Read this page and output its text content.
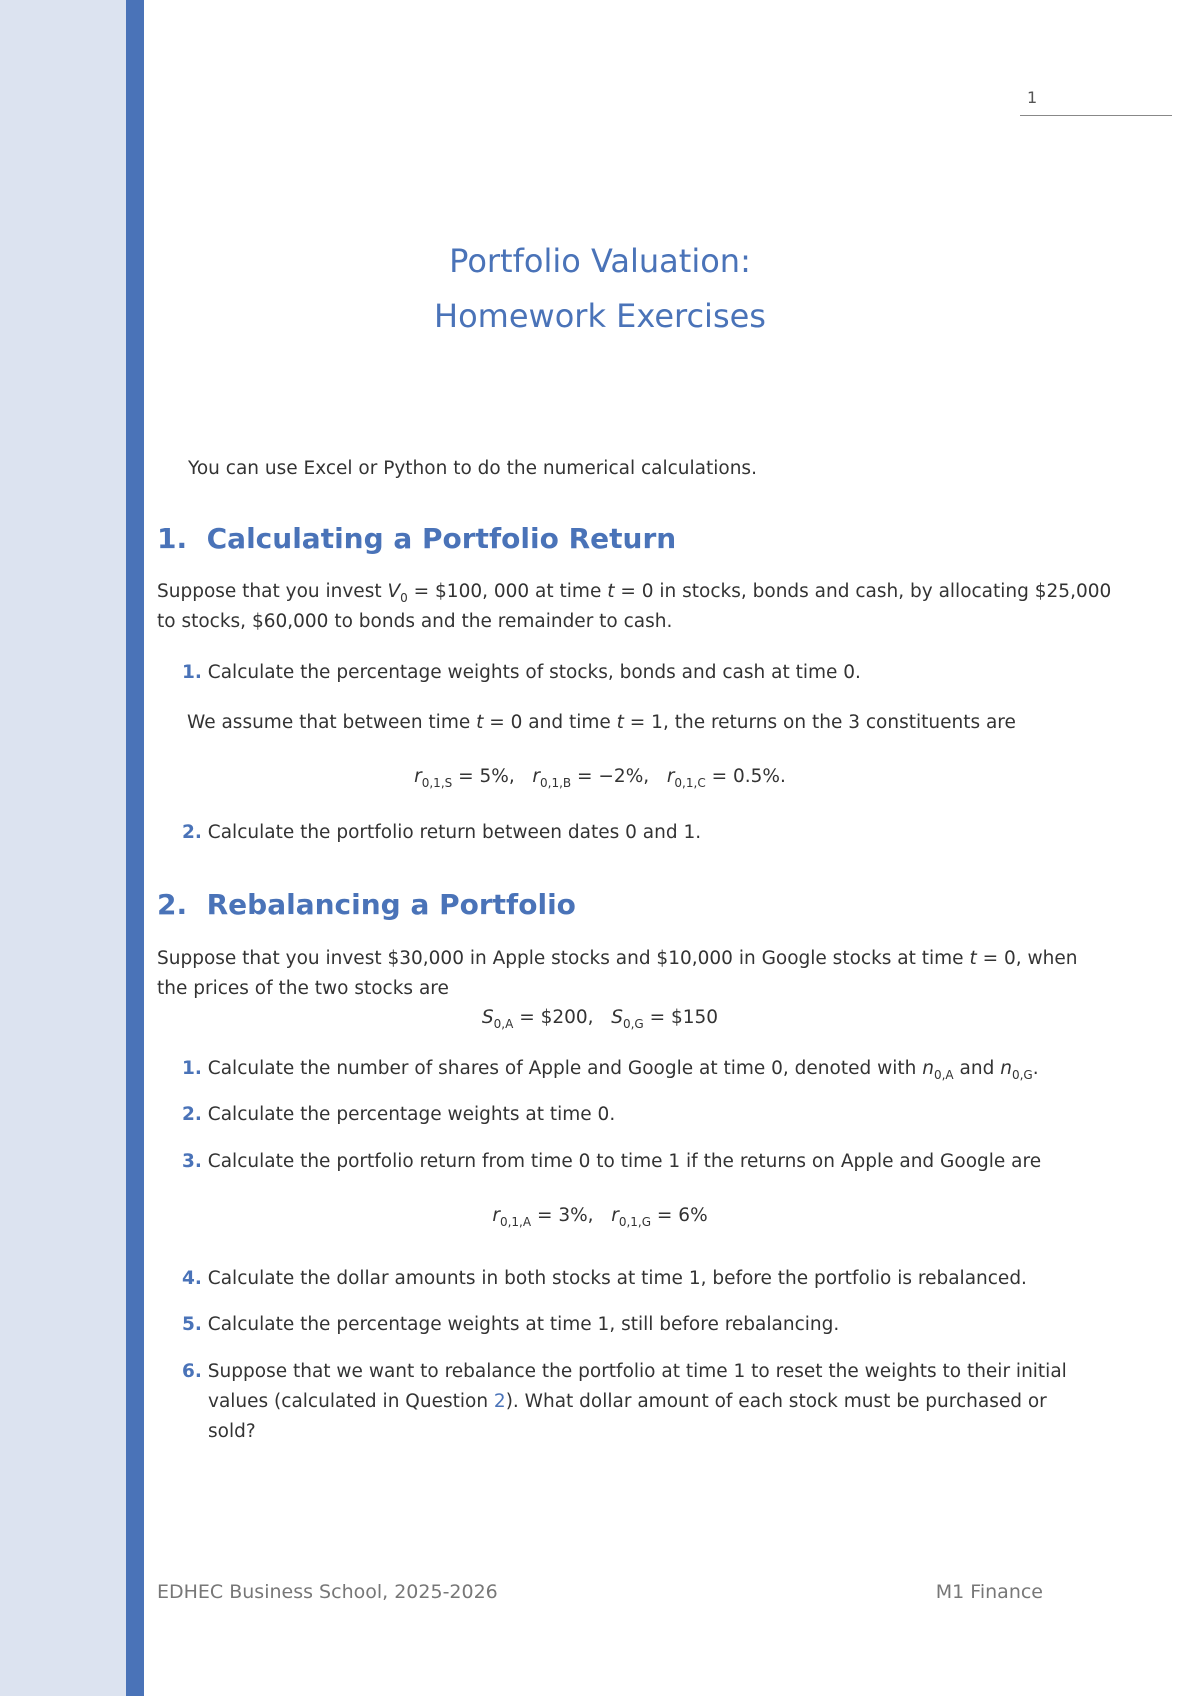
1
Portfolio Valuation:
Homework Exercises
You can use Excel or Python to do the numerical calculations.
1. Calculating a Portfolio Return
Suppose that you invest $V_0$ = $100, 000 at time t = 0 in stocks, bonds and cash, by allocating $25,000
to stocks, $60,000 to bonds and the remainder to cash.
1. Calculate the percentage weights of stocks, bonds and cash at time 0.
We assume that between time t = 0 and time t = 1, the returns on the 3 constituents are
$r_{0,1,S} = 5\%$, $r_{0,1,B} = -2\%$, $r_{0,1,C} = 0.5\%$.
2. Calculate the portfolio return between dates 0 and 1.
2. Rebalancing a Portfolio
Suppose that you invest $30,000 in Apple stocks and $10,000 in Google stocks at time t = 0, when
the prices of the two stocks are
$S_{0,A}$ = $200, $S_{0,G}$ = $150
1. Calculate the number of shares of Apple and Google at time 0, denoted with $n_{0,A}$ and $n_{0,G}$.
2. Calculate the percentage weights at time 0.
3. Calculate the portfolio return from time 0 to time 1 if the returns on Apple and Google are
$r_{0,1,A} = 3\%$, $r_{0,1,G} = 6\%$
4. Calculate the dollar amounts in both stocks at time 1, before the portfolio is rebalanced.
5. Calculate the percentage weights at time 1, still before rebalancing.
6. Suppose that we want to rebalance the portfolio at time 1 to reset the weights to their initial
values (calculated in Question 2). What dollar amount of each stock must be purchased or
sold?
EDHEC Business School, 2025-2026	M1 Finance
